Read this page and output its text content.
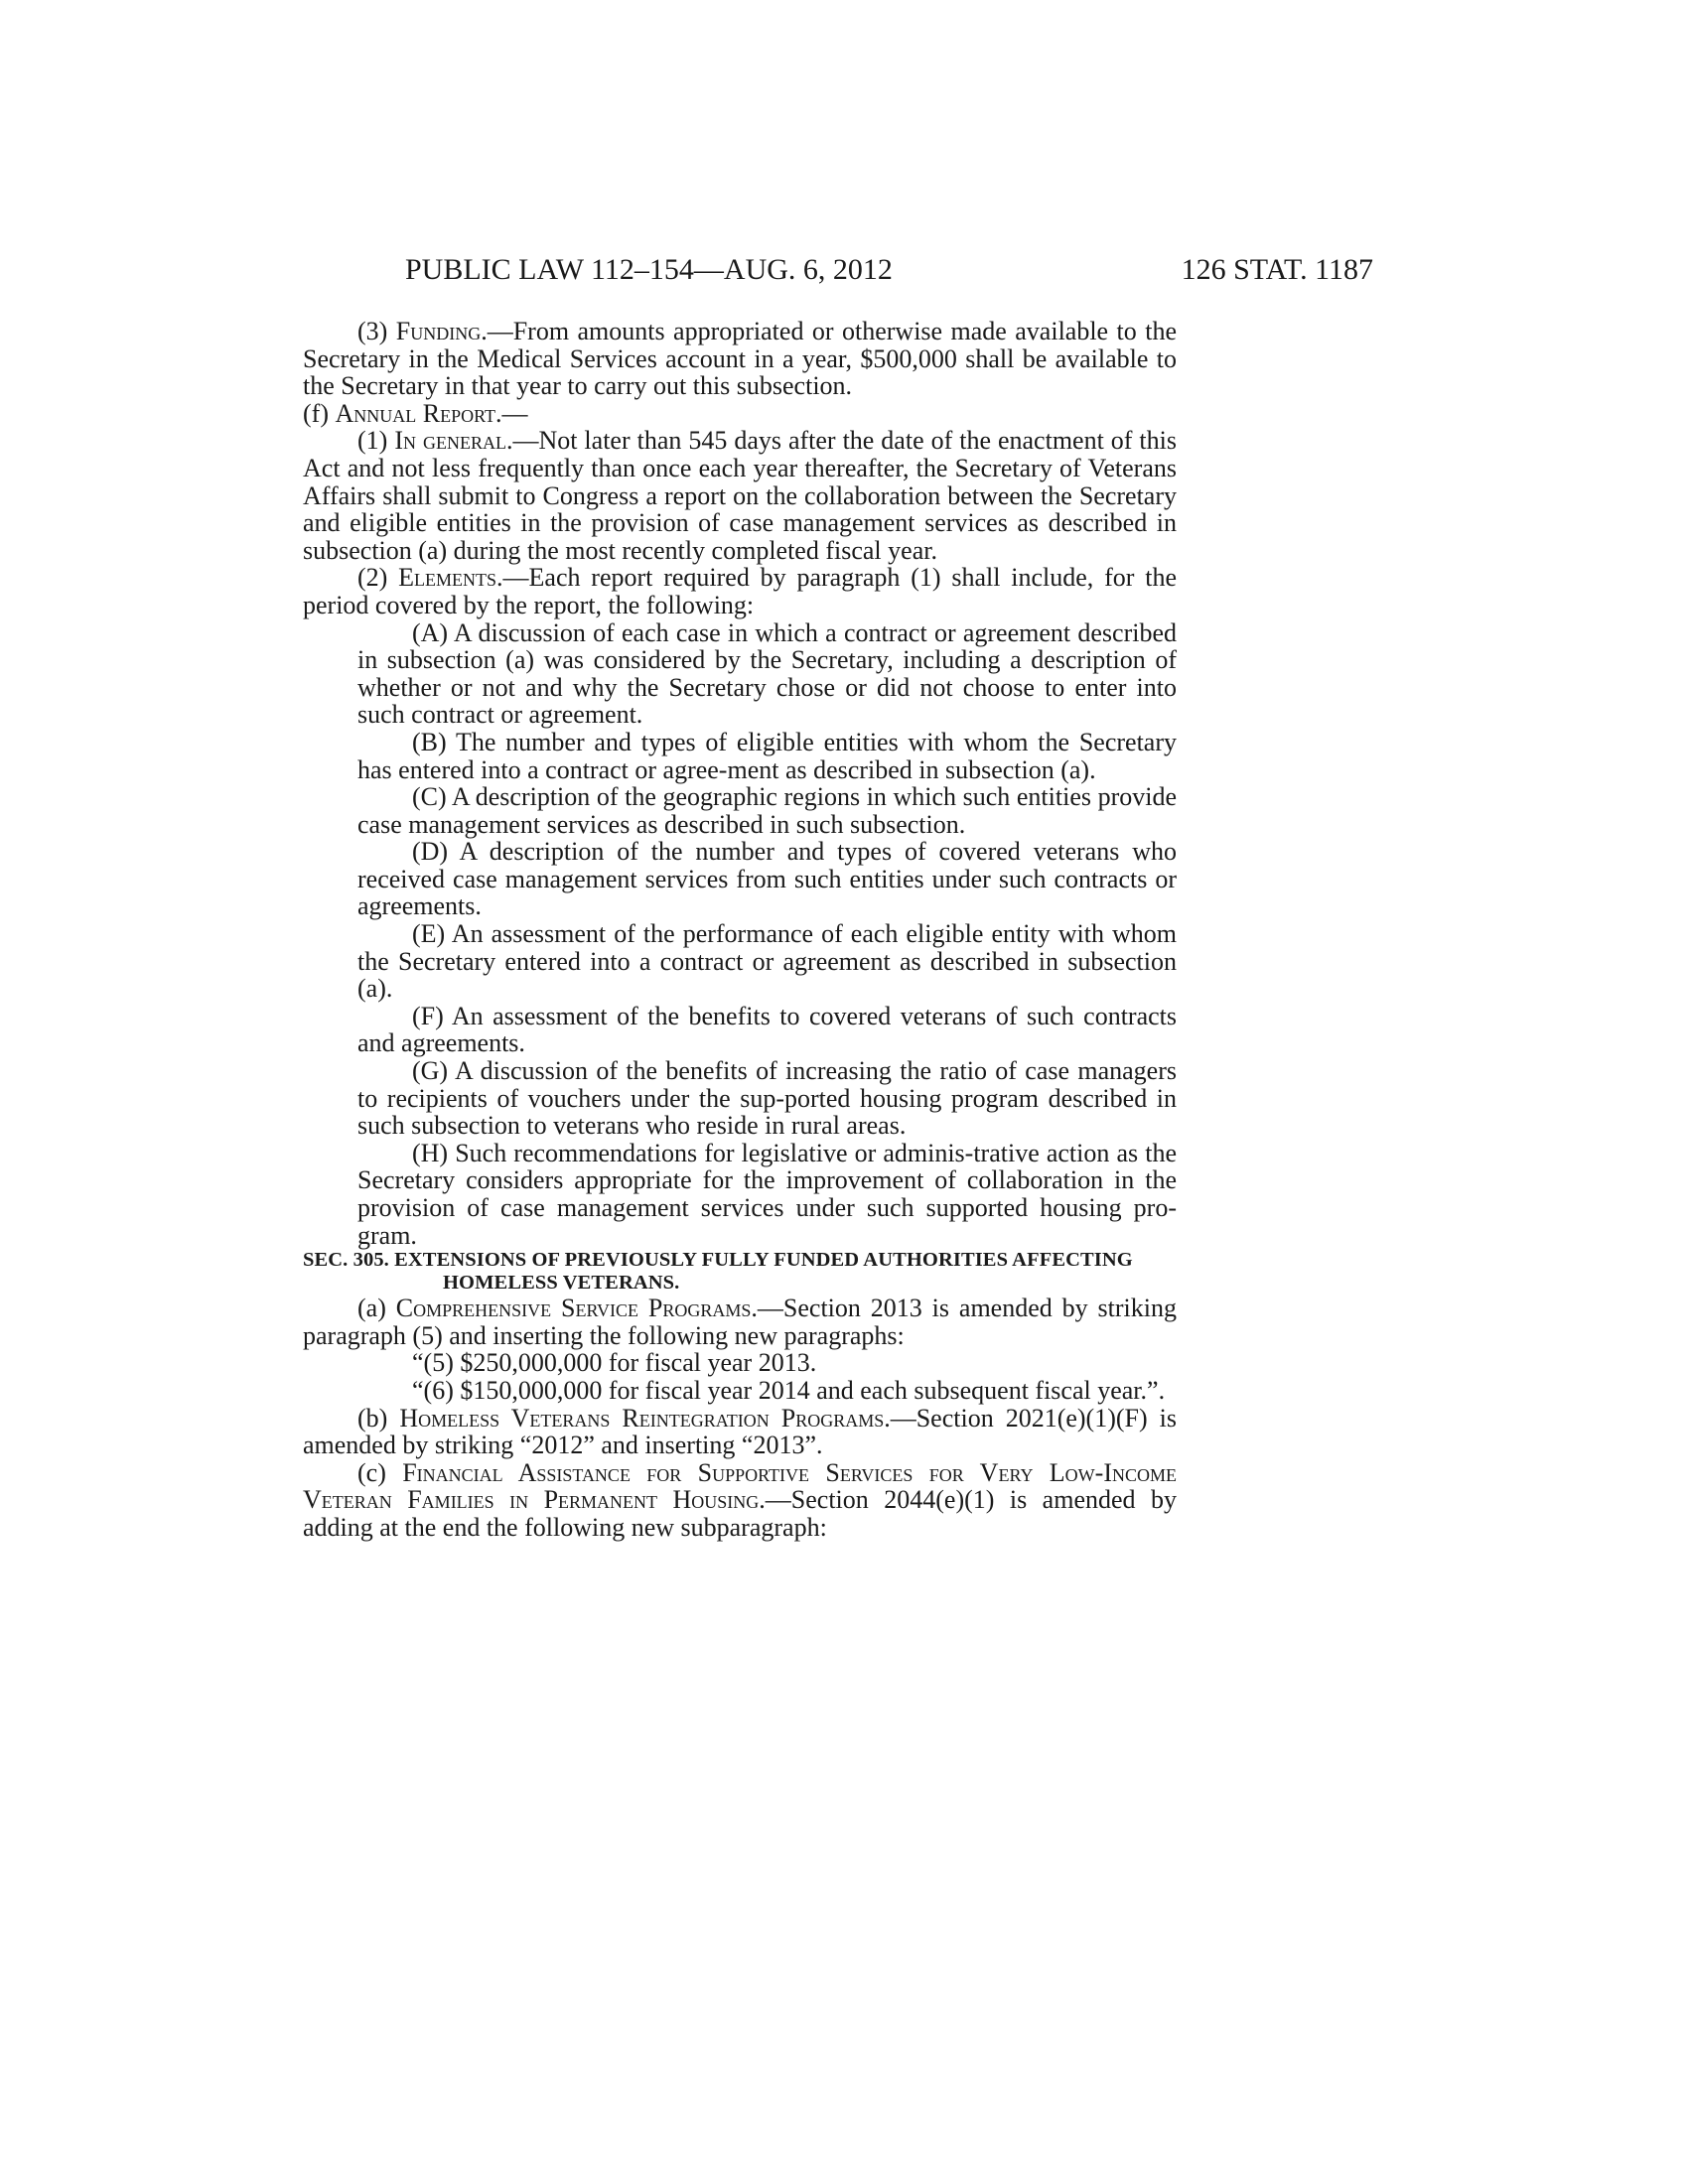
PUBLIC LAW 112–154—AUG. 6, 2012	126 STAT. 1187

(3) Funding.—From amounts appropriated or otherwise made available to the Secretary in the Medical Services account in a year, $500,000 shall be available to the Secretary in that year to carry out this subsection.

(f) Annual Report.—

(1) In general.—Not later than 545 days after the date of the enactment of this Act and not less frequently than once each year thereafter, the Secretary of Veterans Affairs shall submit to Congress a report on the collaboration between the Secretary and eligible entities in the provision of case management services as described in subsection (a) during the most recently completed fiscal year.

(2) Elements.—Each report required by paragraph (1) shall include, for the period covered by the report, the following:

(A) A discussion of each case in which a contract or agreement described in subsection (a) was considered by the Secretary, including a description of whether or not and why the Secretary chose or did not choose to enter into such contract or agreement.

(B) The number and types of eligible entities with whom the Secretary has entered into a contract or agree-ment as described in subsection (a).

(C) A description of the geographic regions in which such entities provide case management services as described in such subsection.

(D) A description of the number and types of covered veterans who received case management services from such entities under such contracts or agreements.

(E) An assessment of the performance of each eligible entity with whom the Secretary entered into a contract or agreement as described in subsection (a).

(F) An assessment of the benefits to covered veterans of such contracts and agreements.

(G) A discussion of the benefits of increasing the ratio of case managers to recipients of vouchers under the sup-ported housing program described in such subsection to veterans who reside in rural areas.

(H) Such recommendations for legislative or adminis-trative action as the Secretary considers appropriate for the improvement of collaboration in the provision of case management services under such supported housing pro-gram.

SEC. 305. EXTENSIONS OF PREVIOUSLY FULLY FUNDED AUTHORITIES AFFECTING HOMELESS VETERANS.

(a) Comprehensive Service Programs.—Section 2013 is amended by striking paragraph (5) and inserting the following new paragraphs:

“(5) $250,000,000 for fiscal year 2013.

“(6) $150,000,000 for fiscal year 2014 and each subsequent fiscal year.”.

(b) Homeless Veterans Reintegration Programs.—Section 2021(e)(1)(F) is amended by striking “2012” and inserting “2013”.

(c) Financial Assistance for Supportive Services for Very Low-Income Veteran Families in Permanent Housing.—Section 2044(e)(1) is amended by adding at the end the following new subparagraph:
